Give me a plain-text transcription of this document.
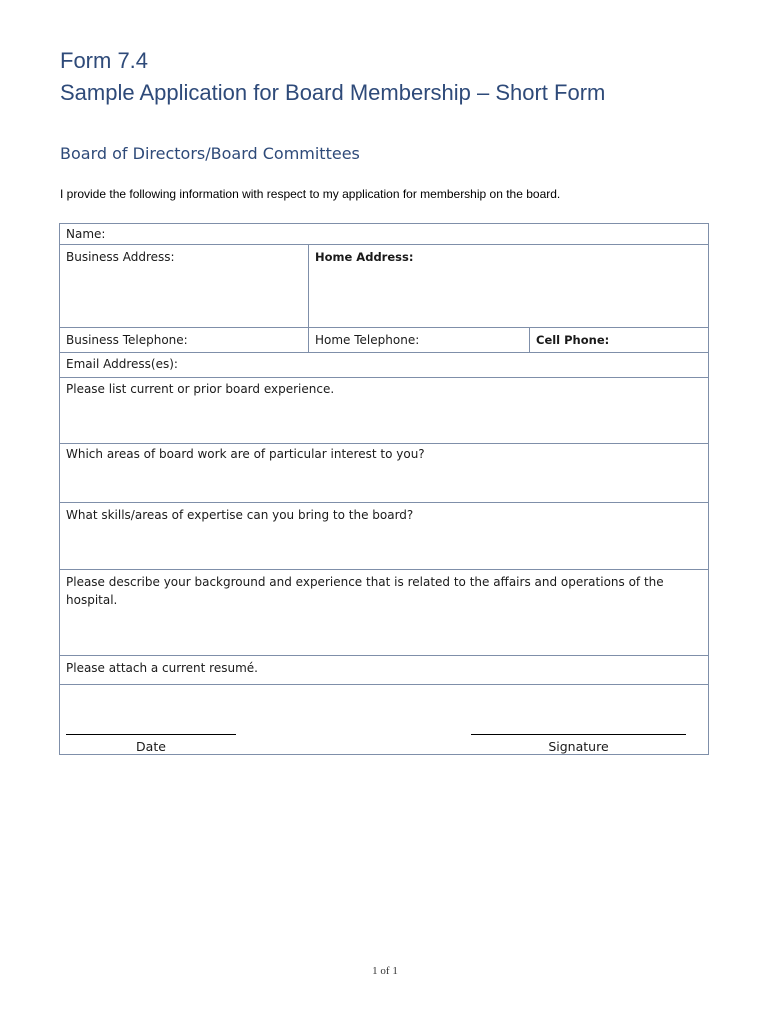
Form 7.4
Sample Application for Board Membership – Short Form
Board of Directors/Board Committees

I provide the following information with respect to my application for membership on the board.

Name:
Business Address:	Home Address:
Business Telephone:	Home Telephone:	Cell Phone:
Email Address(es):
Please list current or prior board experience.
Which areas of board work are of particular interest to you?
What skills/areas of expertise can you bring to the board?
Please describe your background and experience that is related to the affairs and operations of the hospital.
Please attach a current resumé.
Date	Signature
1 of 1
